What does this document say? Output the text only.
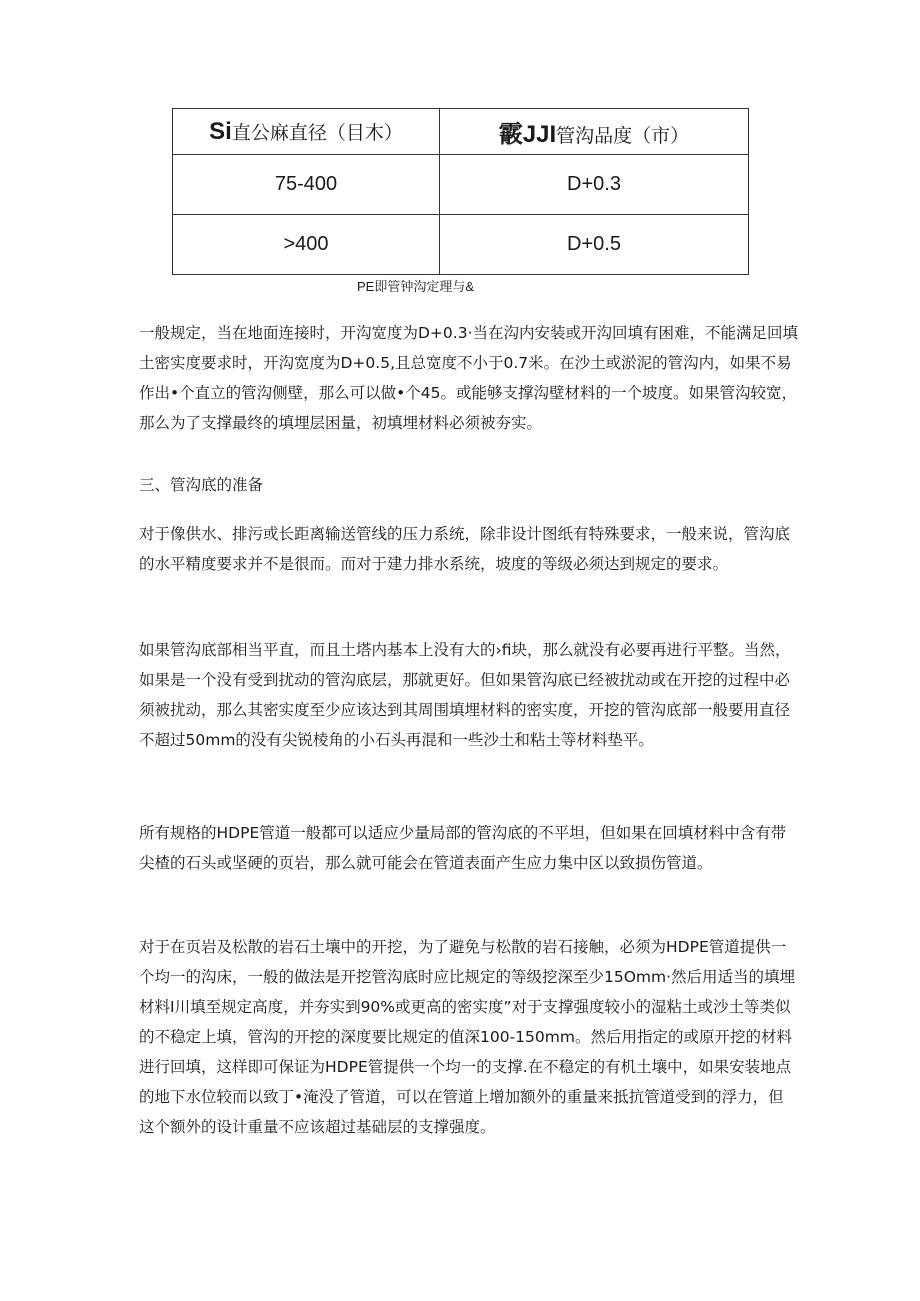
Si直公麻直径（目木）	霰JJI管沟品度（市）
75-400	D+0.3
>400	D+0.5
PE即管钟沟定理与&

一般规定，当在地面连接时，开沟宽度为D+0.3·当在沟内安装或开沟回填有困难，不能满足回填土密实度要求时，开沟宽度为D+0.5,且总宽度不小于0.7米。在沙土或淤泥的管沟内，如果不易作出•个直立的管沟侧壁，那么可以做•个45。或能够支撑沟壁材料的一个坡度。如果管沟较宽，那么为了支撑最终的填埋层困量，初填埋材料必须被夯实。

三、管沟底的准备

对于像供水、排污或长距离输送管线的压力系统，除非设计图纸有特殊要求，一般来说，管沟底的水平精度要求并不是很而。而对于建力排水系统，坡度的等级必须达到规定的要求。

如果管沟底部相当平直，而且土塔内基本上没有大的›fi块，那么就没有必要再进行平整。当然，如果是一个没有受到扰动的管沟底层，那就更好。但如果管沟底已经被扰动或在开挖的过程中必须被扰动，那么其密实度至少应该达到其周围填埋材料的密实度，开挖的管沟底部一般要用直径不超过50mm的没有尖锐棱角的小石头再混和一些沙土和粘土等材料垫平。

所有规格的HDPE管道一般都可以适应少量局部的管沟底的不平坦，但如果在回填材料中含有带尖楂的石头或坚硬的页岩，那么就可能会在管道表面产生应力集中区以致损伤管道。

对于在页岩及松散的岩石土壤中的开挖，为了避免与松散的岩石接触，必须为HDPE管道提供一个均一的沟床，一般的做法是开挖管沟底时应比规定的等级挖深至少15Omm·然后用适当的填埋材料I川填至规定高度，并夯实到90%或更高的密实度”对于支撑强度较小的湿粘土或沙土等类似的不稳定上填，管沟的开挖的深度要比规定的值深100-150mm。然后用指定的或原开挖的材料进行回填，这样即可保证为HDPE管提供一个均一的支撑.在不稳定的有机土壤中，如果安装地点的地下水位较而以致丁•淹没了管道，可以在管道上增加额外的重量来抵抗管道受到的浮力，但这个额外的设计重量不应该超过基础层的支撑强度。
